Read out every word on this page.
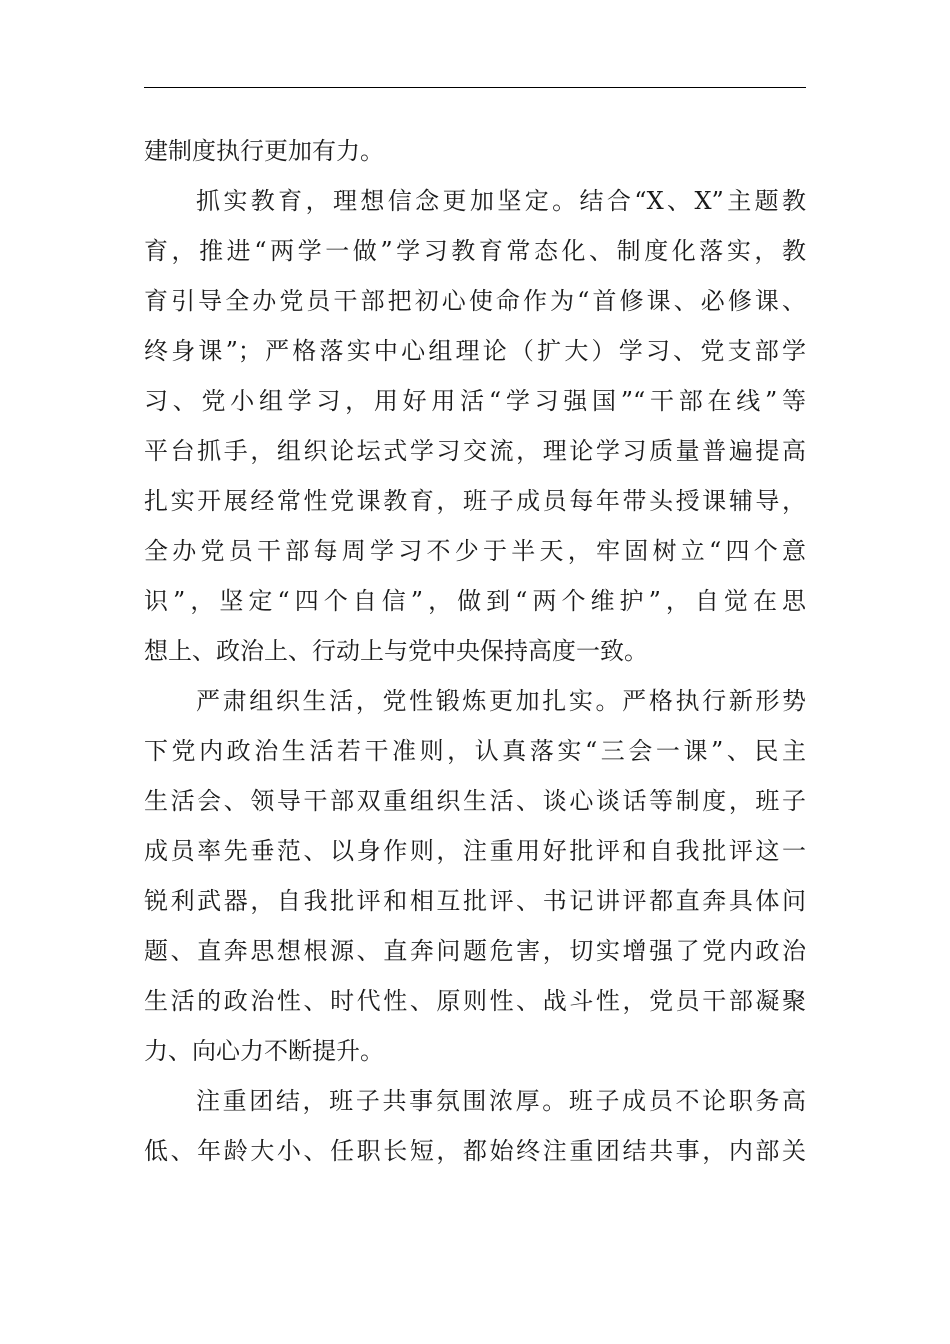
建制度执行更加有力。
抓实教育，理想信念更加坚定。结合“X、X”主题教
育，推进“两学一做”学习教育常态化、制度化落实，教
育引导全办党员干部把初心使命作为“首修课、必修课、
终身课”；严格落实中心组理论（扩大）学习、党支部学
习、党小组学习，用好用活“学习强国”“干部在线”等
平台抓手，组织论坛式学习交流，理论学习质量普遍提高
扎实开展经常性党课教育，班子成员每年带头授课辅导，
全办党员干部每周学习不少于半天，牢固树立“四个意
识”，坚定“四个自信”，做到“两个维护”，自觉在思
想上、政治上、行动上与党中央保持高度一致。
严肃组织生活，党性锻炼更加扎实。严格执行新形势
下党内政治生活若干准则，认真落实“三会一课”、民主
生活会、领导干部双重组织生活、谈心谈话等制度，班子
成员率先垂范、以身作则，注重用好批评和自我批评这一
锐利武器，自我批评和相互批评、书记讲评都直奔具体问
题、直奔思想根源、直奔问题危害，切实增强了党内政治
生活的政治性、时代性、原则性、战斗性，党员干部凝聚
力、向心力不断提升。
注重团结，班子共事氛围浓厚。班子成员不论职务高
低、年龄大小、任职长短，都始终注重团结共事，内部关
